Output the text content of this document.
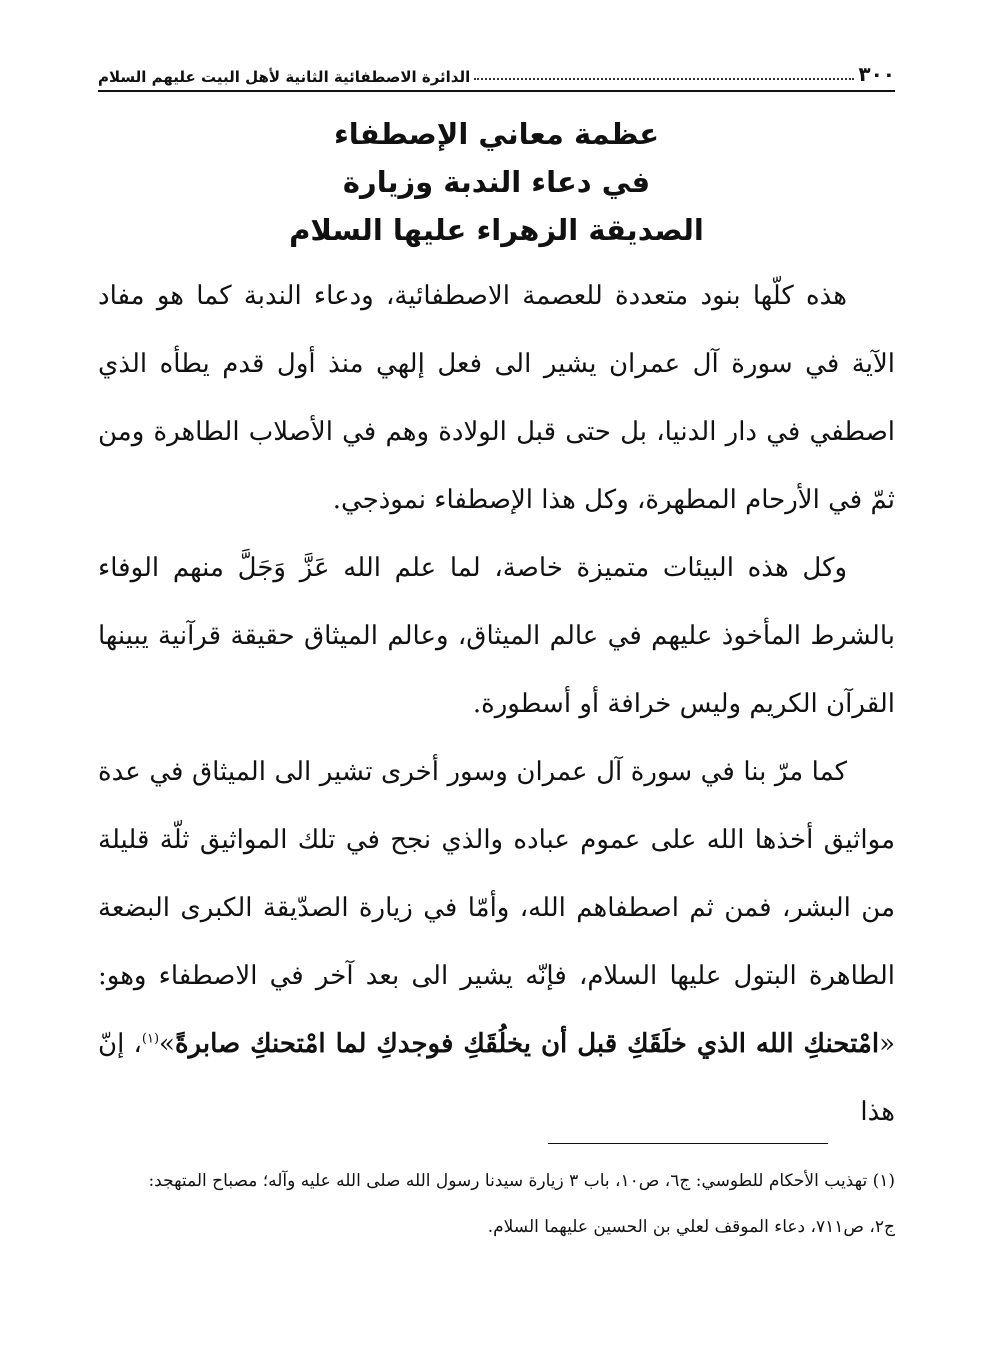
٣٠٠
الدائرة الاصطفائية الثانية لأهل البيت عليهم السلام
عظمة معاني الإصطفاء
في دعاء الندبة وزيارة
الصديقة الزهراء عليها السلام

هذه كلّها بنود متعددة للعصمة الاصطفائية، ودعاء الندبة كما هو مفاد الآية في سورة آل عمران يشير الى فعل إلهي منذ أول قدم يطأه الذي اصطفي في دار الدنيا، بل حتى قبل الولادة وهم في الأصلاب الطاهرة ومن ثمّ في الأرحام المطهرة، وكل هذا الإصطفاء نموذجي.

وكل هذه البيئات متميزة خاصة، لما علم الله عَزَّ وَجَلَّ منهم الوفاء بالشرط المأخوذ عليهم في عالم الميثاق، وعالم الميثاق حقيقة قرآنية يبينها القرآن الكريم وليس خرافة أو أسطورة.

كما مرّ بنا في سورة آل عمران وسور أخرى تشير الى الميثاق في عدة مواثيق أخذها الله على عموم عباده والذي نجح في تلك المواثيق ثلّة قليلة من البشر، فمن ثم اصطفاهم الله، وأمّا في زيارة الصدّيقة الكبرى البضعة الطاهرة البتول عليها السلام، فإنّه يشير الى بعد آخر في الاصطفاء وهو: «امْتحنكِ الله الذي خلَقَكِ قبل أن يخلُقَكِ فوجدكِ لما امْتحنكِ صابرةً»$^{(١)}$، إنّ هذا

(١) تهذيب الأحكام للطوسي: ج٦، ص١٠، باب ٣ زيارة سيدنا رسول الله صلى الله عليه وآله؛ مصباح المتهجد:
ج٢، ص٧١١، دعاء الموقف لعلي بن الحسين عليهما السلام.
